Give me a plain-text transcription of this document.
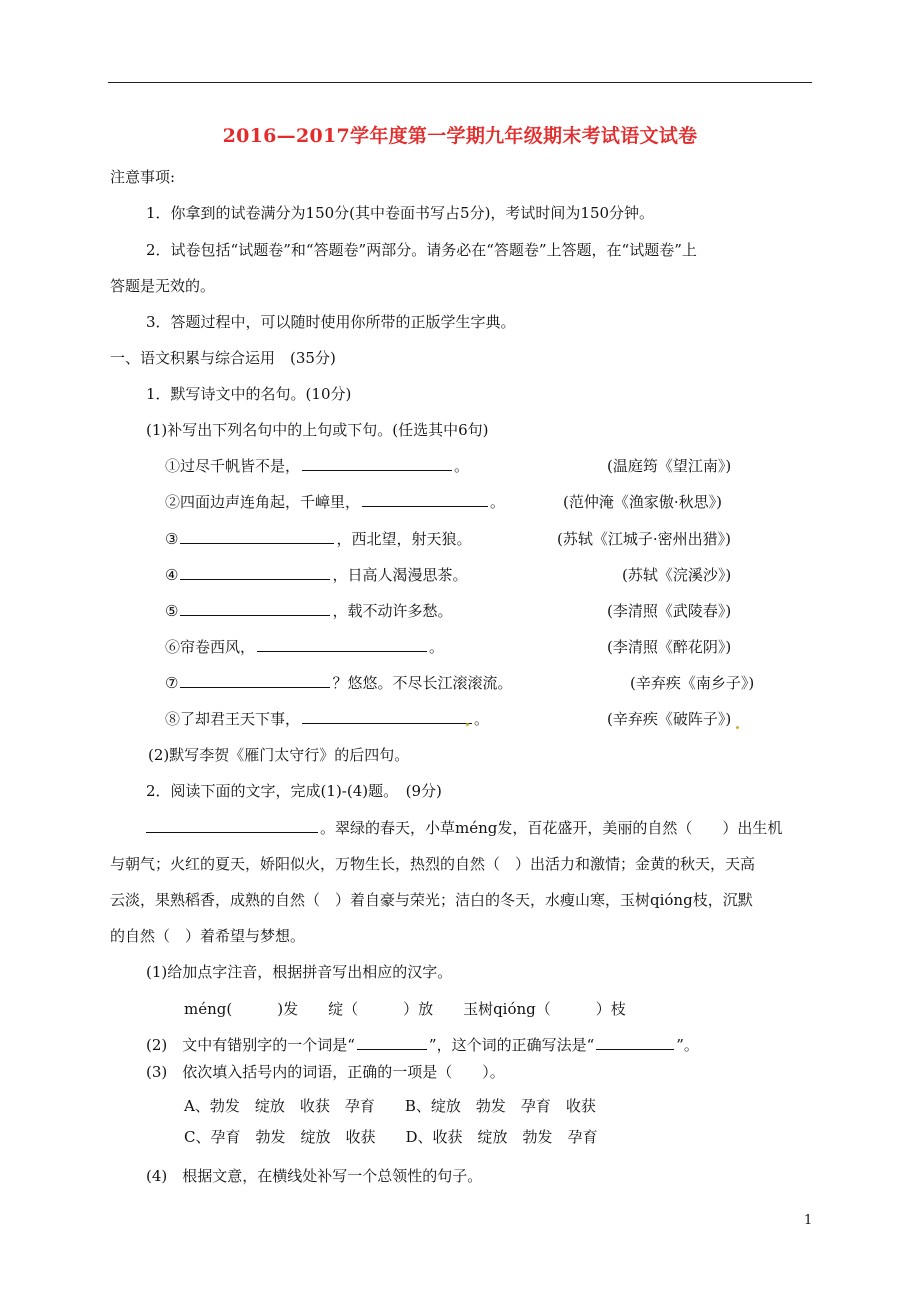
2016—2017学年度第一学期九年级期末考试语文试卷
注意事项:
1．你拿到的试卷满分为150分(其中卷面书写占5分)，考试时间为150分钟。
2．试卷包括“试题卷”和“答题卷”两部分。请务必在“答题卷”上答题，在“试题卷”上
答题是无效的。
3．答题过程中，可以随时使用你所带的正版学生字典。
一、语文积累与综合运用　(35分)
1．默写诗文中的名句。(10分)
(1)补写出下列名句中的上句或下句。(任选其中6句)
①过尽千帆皆不是，	。	(温庭筠《望江南》)
②四面边声连角起，千嶂里，	。	(范仲淹《渔家傲·秋思》)
③	，西北望，射天狼。	(苏轼《江城子·密州出猎》)
④	，日高人渴漫思茶。	(苏轼《浣溪沙》)
⑤	，载不动许多愁。	(李清照《武陵春》)
⑥帘卷西风，	。	(李清照《醉花阴》)
⑦	？悠悠。不尽长江滚滚流。	(辛弃疾《南乡子》)
⑧了却君王天下事，	。	(辛弃疾《破阵子》)
(2)默写李贺《雁门太守行》的后四句。
2．阅读下面的文字，完成(1)-(4)题。　(9分)
。翠绿的春天，小草méng发，百花盛开，美丽的自然（　　）出生机
与朝气；火红的夏天，娇阳似火，万物生长，热烈的自然（　）出活力和激情；金黄的秋天，天高
云淡，果熟稻香，成熟的自然（　）着自豪与荣光；洁白的冬天，水瘦山寒，玉树qióng枝，沉默
的自然（　）着希望与梦想。
(1)给加点字注音，根据拼音写出相应的汉字。
méng(　　　)发　　绽（　　　）放　　玉树qióng（　　　）枝
(2)　文中有错别字的一个词是“	”，这个词的正确写法是“	”。
(3)　依次填入括号内的词语，正确的一项是（　　）。
A、勃发　绽放　收获　孕育　　B、绽放　勃发　孕育　收获
C、孕育　勃发　绽放　收获　　D、收获　绽放　勃发　孕育
(4)　根据文意，在横线处补写一个总领性的句子。
1
